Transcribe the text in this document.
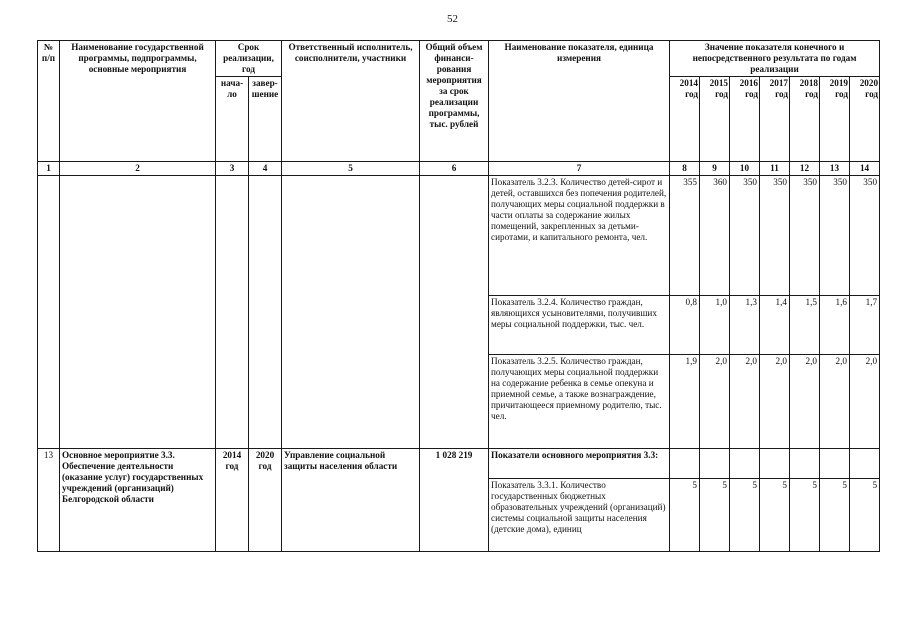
52
№ п/п	Наименование государственной программы, подпрограммы, основные мероприятия	Срок реализации, год		Ответственный исполнитель, соисполнители, участники	Общий объем финанси-рования мероприятия за срок реализации программы, тыс. рублей	Наименование показателя, единица измерения	Значение показателя конечного и непосредственного результата по годам реализации						
		нача-ло	завер-шение				2014 год	2015 год	2016 год	2017 год	2018 год	2019 год	2020 год

1	2	3	4	5	6	7	8	9	10	11	12	13	14
						Показатель 3.2.3. Количество детей-сирот и детей, оставшихся без попечения родителей, получающих меры социальной поддержки в части оплаты за содержание жилых помещений, закрепленных за детьми-сиротами, и капитального ремонта, чел.	355	360	350	350	350	350	350
						Показатель 3.2.4. Количество граждан, являющихся усыновителями, получивших меры социальной поддержки, тыс. чел.	0,8	1,0	1,3	1,4	1,5	1,6	1,7
						Показатель 3.2.5. Количество граждан, получающих меры социальной поддержки на содержание ребенка в семье опекуна и приемной семье, а также вознаграждение, причитающееся приемному родителю, тыс. чел.	1,9	2,0	2,0	2,0	2,0	2,0	2,0
13	Основное мероприятие 3.3. Обеспечение деятельности (оказание услуг) государственных учреждений (организаций) Белгородской области	2014 год	2020 год	Управление социальной защиты населения области	1 028 219	Показатели основного мероприятия 3.3:							
						Показатель 3.3.1. Количество государственных бюджетных образовательных учреждений (организаций) системы социальной защиты населения (детские дома), единиц	5	5	5	5	5	5	5
